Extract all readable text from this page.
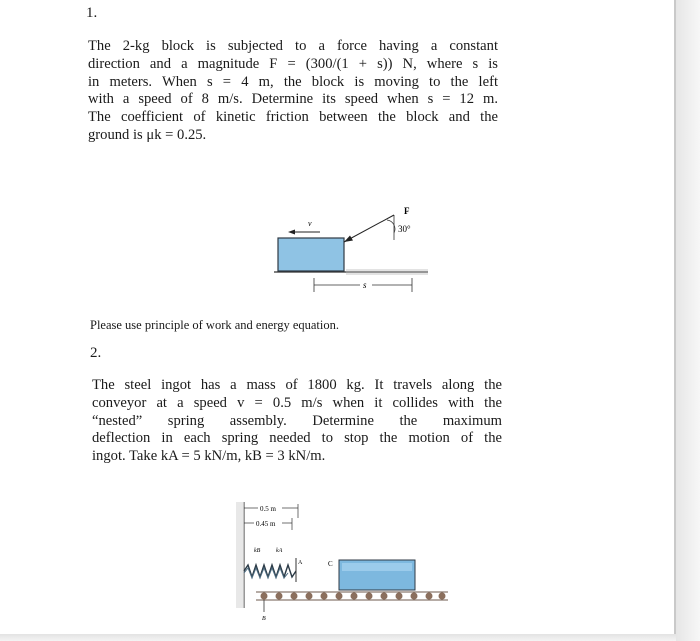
1.
The 2-kg block is subjected to a force having a constant
direction and a magnitude F = (300/(1 + s)) N, where s is
in meters. When s = 4 m, the block is moving to the left
with a speed of 8 m/s. Determine its speed when s = 12 m.
The coefficient of kinetic friction between the block and the
ground is μk = 0.25.
v
F
30°
s
Please use principle of work and energy equation.
2.
The steel ingot has a mass of 1800 kg. It travels along the
conveyor at a speed v = 0.5 m/s when it collides with the
“nested” spring assembly. Determine the maximum
deflection in each spring needed to stop the motion of the
ingot. Take kA = 5 kN/m, kB = 3 kN/m.
0.5 m
0.45 m
kB	kA
A	C
B
